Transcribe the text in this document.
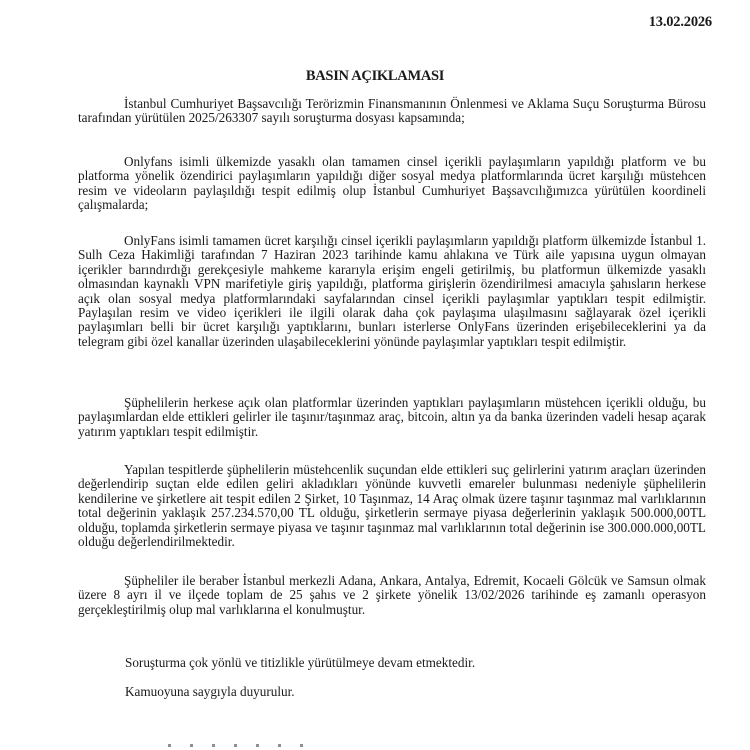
13.02.2026
BASIN AÇIKLAMASI

İstanbul Cumhuriyet Başsavcılığı Terörizmin Finansmanının Önlenmesi ve Aklama Suçu Soruşturma Bürosu tarafından yürütülen 2025/263307 sayılı soruşturma dosyası kapsamında;

Onlyfans isimli ülkemizde yasaklı olan tamamen cinsel içerikli paylaşımların yapıldığı platform ve bu platforma yönelik özendirici paylaşımların yapıldığı diğer sosyal medya platformlarında ücret karşılığı müstehcen resim ve videoların paylaşıldığı tespit edilmiş olup İstanbul Cumhuriyet Başsavcılığımızca yürütülen koordineli çalışmalarda;

OnlyFans isimli tamamen ücret karşılığı cinsel içerikli paylaşımların yapıldığı platform ülkemizde İstanbul 1. Sulh Ceza Hakimliği tarafından 7 Haziran 2023 tarihinde kamu ahlakına ve Türk aile yapısına uygun olmayan içerikler barındırdığı gerekçesiyle mahkeme kararıyla erişim engeli getirilmiş, bu platformun ülkemizde yasaklı olmasından kaynaklı VPN marifetiyle giriş yapıldığı, platforma girişlerin özendirilmesi amacıyla şahısların herkese açık olan sosyal medya platformlarındaki sayfalarından cinsel içerikli paylaşımlar yaptıkları tespit edilmiştir. Paylaşılan resim ve video içerikleri ile ilgili olarak daha çok paylaşıma ulaşılmasını sağlayarak özel içerikli paylaşımları belli bir ücret karşılığı yaptıklarını, bunları isterlerse OnlyFans üzerinden erişebileceklerini ya da telegram gibi özel kanallar üzerinden ulaşabileceklerini yönünde paylaşımlar yaptıkları tespit edilmiştir.

Şüphelilerin herkese açık olan platformlar üzerinden yaptıkları paylaşımların müstehcen içerikli olduğu, bu paylaşımlardan elde ettikleri gelirler ile taşınır/taşınmaz araç, bitcoin, altın ya da banka üzerinden vadeli hesap açarak yatırım yaptıkları tespit edilmiştir.

Yapılan tespitlerde şüphelilerin müstehcenlik suçundan elde ettikleri suç gelirlerini yatırım araçları üzerinden değerlendirip suçtan elde edilen geliri akladıkları yönünde kuvvetli emareler bulunması nedeniyle şüphelilerin kendilerine ve şirketlere ait tespit edilen 2 Şirket, 10 Taşınmaz, 14 Araç olmak üzere taşınır taşınmaz mal varlıklarının total değerinin yaklaşık 257.234.570,00 TL olduğu, şirketlerin sermaye piyasa değerlerinin yaklaşık 500.000,00TL olduğu, toplamda şirketlerin sermaye piyasa ve taşınır taşınmaz mal varlıklarının total değerinin ise 300.000.000,00TL olduğu değerlendirilmektedir.

Şüpheliler ile beraber İstanbul merkezli Adana, Ankara, Antalya, Edremit, Kocaeli Gölcük ve Samsun olmak üzere 8 ayrı il ve ilçede toplam de 25 şahıs ve 2 şirkete yönelik 13/02/2026 tarihinde eş zamanlı operasyon gerçekleştirilmiş olup mal varlıklarına el konulmuştur.

Soruşturma çok yönlü ve titizlikle yürütülmeye devam etmektedir.

Kamuoyuna saygıyla duyurulur.
